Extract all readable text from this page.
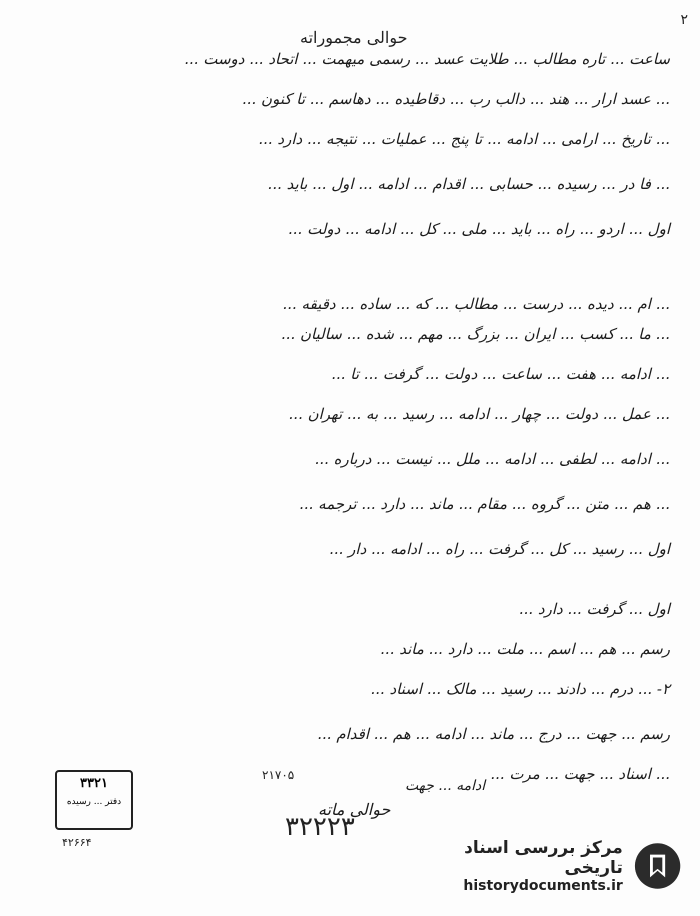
۲
حوالی مجموراته
ساعت ... تاره مطالب ... طلایت عسد ... رسمی میهمت ... اتحاد ... دوست ...
... عسد ارار ... هند ... دالب رب ... دقاطیده ... دهاسم ... تا کنون ...
... تاریخ ... ارامی ... ادامه ... تا پنج ... عملیات ... نتیجه ... دارد ...
... فا در ... رسیده ... حسابی ... اقدام ... ادامه ... اول ... باید ...
اول ... اردو ... راه ... باید ... ملی ... کل ... ادامه ... دولت ...
... ام ... دیده ... درست ... مطالب ... که ... ساده ... دقیقه ...
... ما ... کسب ... ایران ... بزرگ ... مهم ... شده ... سالیان ...
... ادامه ... هفت ... ساعت ... دولت ... گرفت ... تا ...
... عمل ... دولت ... چهار ... ادامه ... رسید ... به ... تهران ...
... ادامه ... لطفی ... ادامه ... ملل ... نیست ... درباره ...
... هم ... متن ... گروه ... مقام ... ماند ... دارد ... ترجمه ...
اول ... رسید ... کل ... گرفت ... راه ... ادامه ... دار ...
اول ... گرفت ... دارد ...
رسم ... هم ... اسم ... ملت ... دارد ... ماند ...
۲- ... درم ... دادند ... رسید ... مالک ... اسناد ...
رسم ... جهت ... درج ... ماند ... ادامه ... هم ... اقدام ...
... اسناد ... جهت ... مرت ...
۲۱۷۰۵
ادامه ... جهت
حوالی ماته
۳۲۲۲۳
۳۳۲۱
دفتر ... رسیده
۴۲۶۶۴	مرکز بررسی اسناد تاریخی
historydocuments.ir
